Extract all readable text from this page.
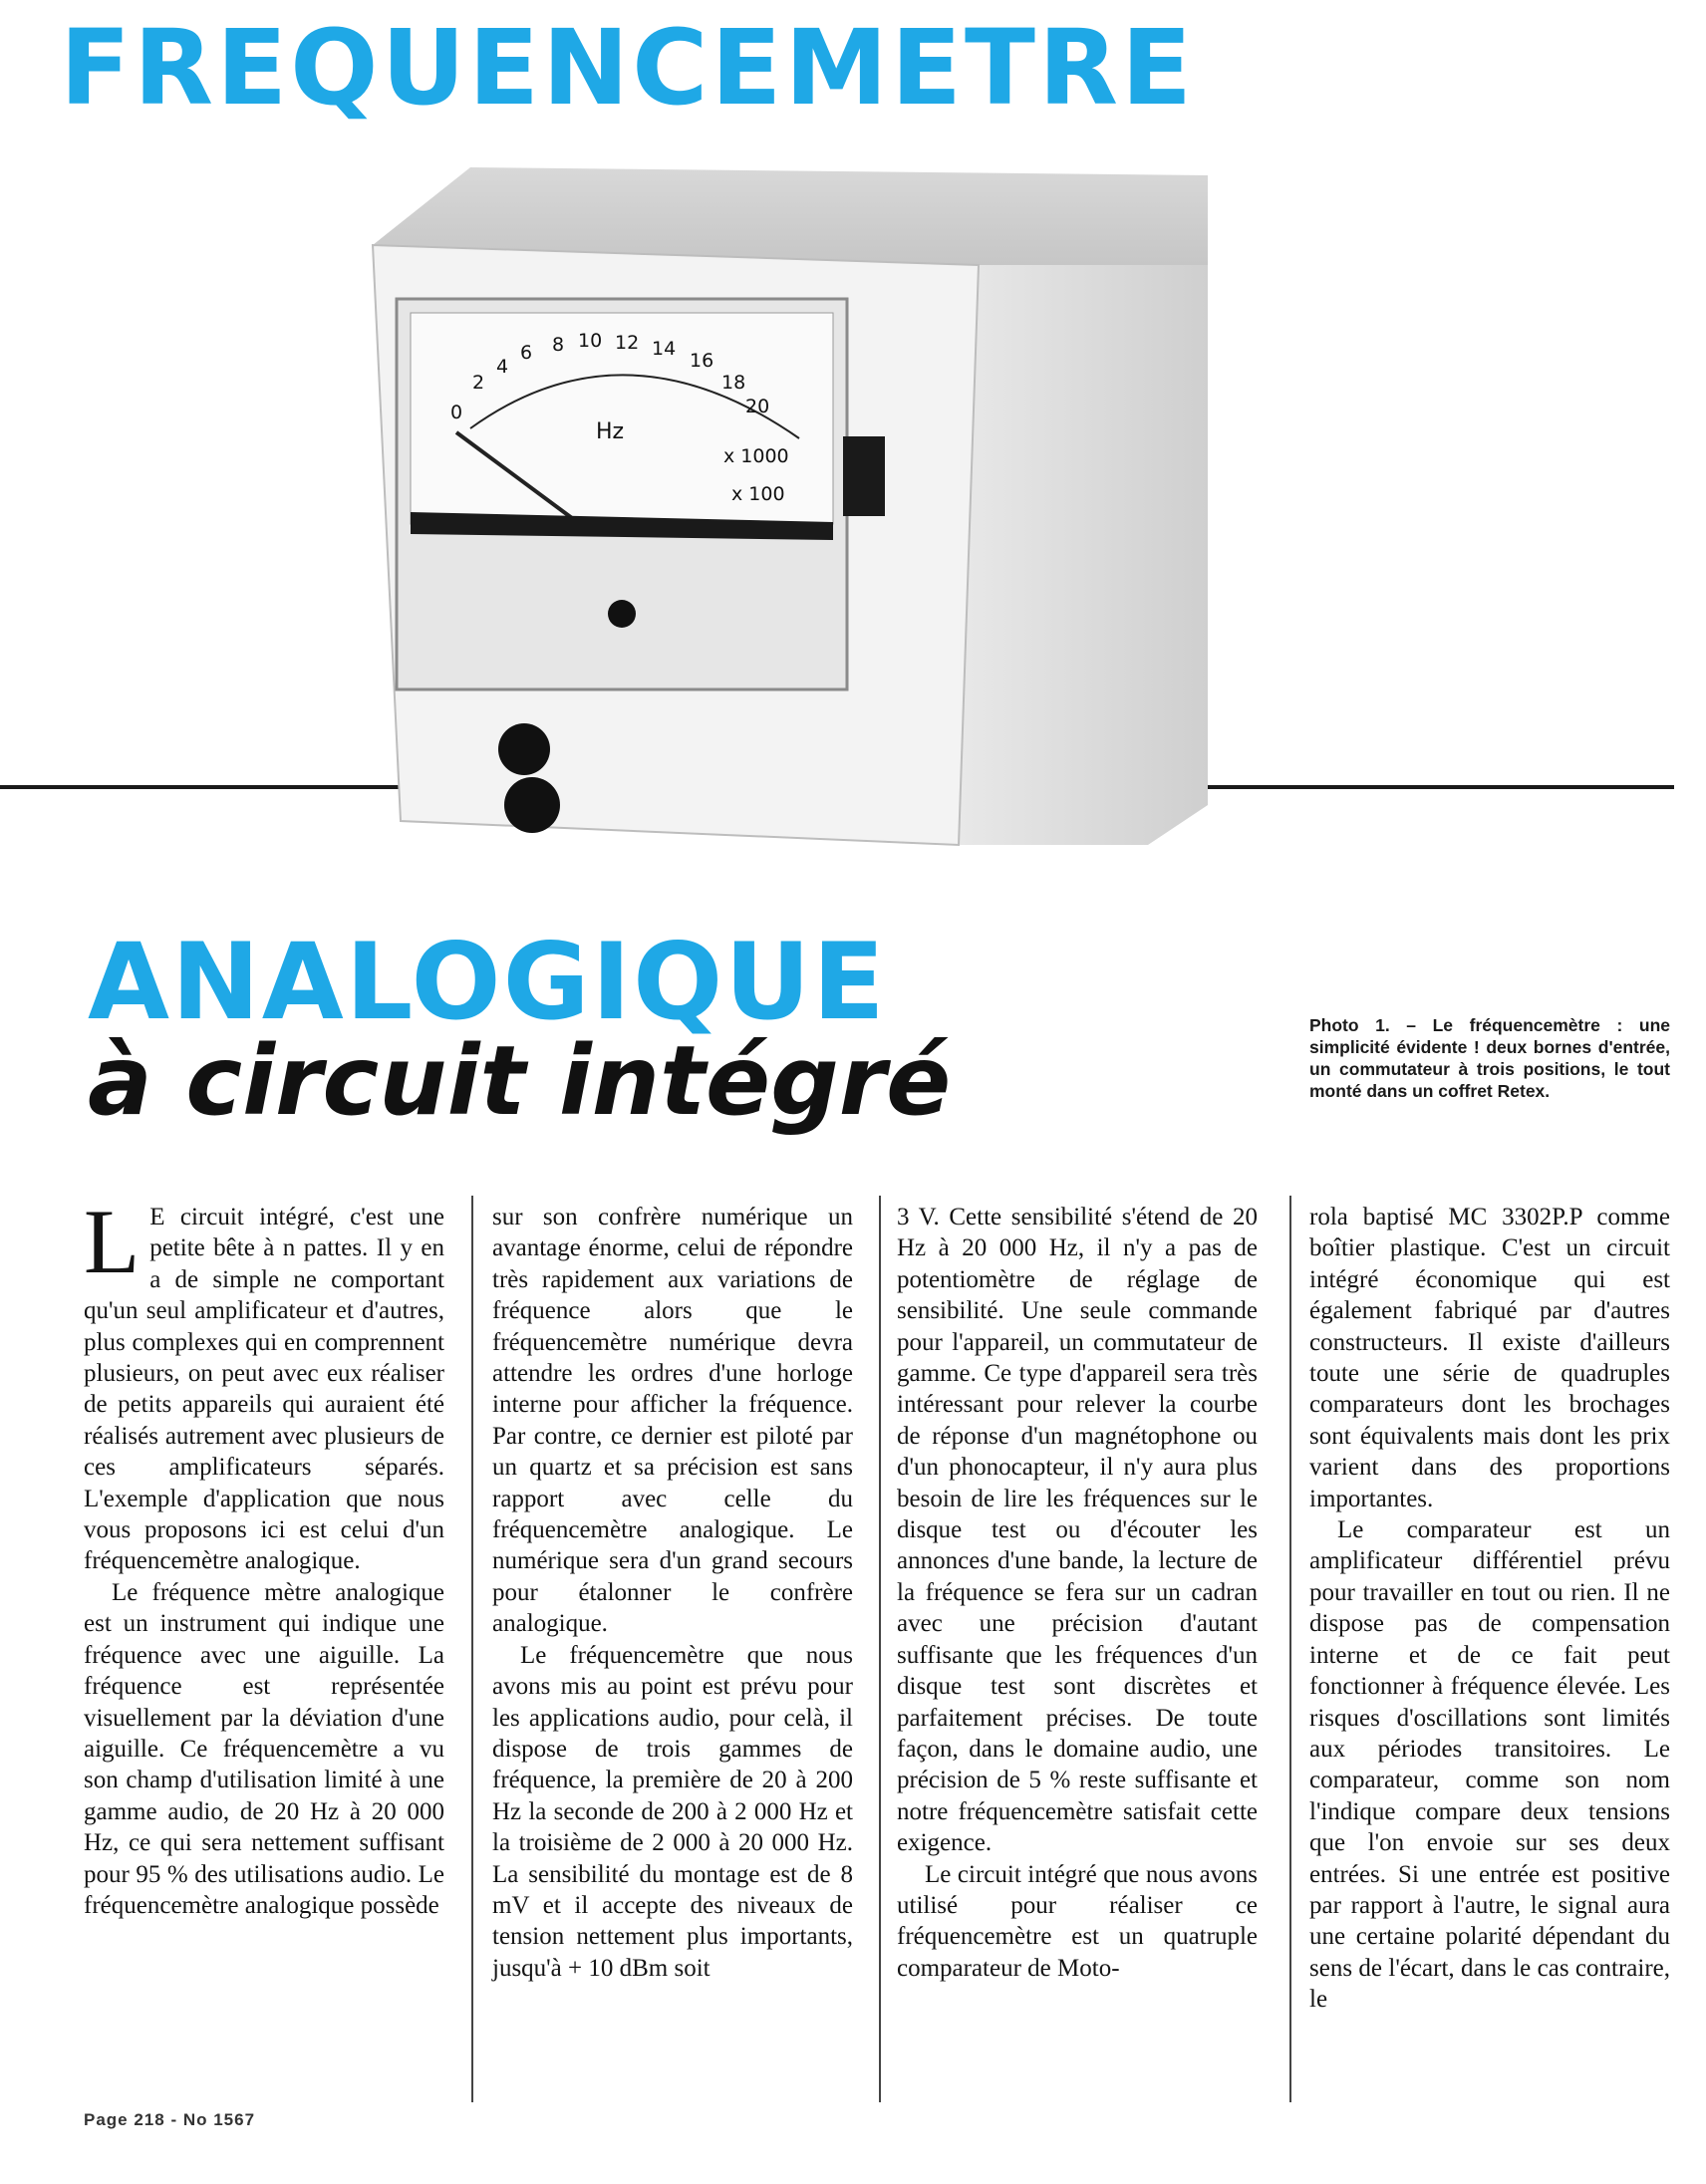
FREQUENCEMETRE
0
2
4
6 8 10 12 14
16
18
20
Hz
x 1000
x 100
ANALOGIQUE
à circuit intégré	Photo 1. – Le fréquencemètre : une simplicité évidente ! deux bornes d'entrée, un commutateur à trois positions, le tout monté dans un coffret Retex.

L E circuit intégré, c'est une petite bête à n pattes. Il y en a de simple ne comportant qu'un seul amplificateur et d'autres, plus complexes qui en comprennent plusieurs, on peut avec eux réaliser de petits appareils qui auraient été réalisés autrement avec plusieurs de ces amplificateurs séparés. L'exemple d'application que nous vous proposons ici est celui d'un fréquencemètre analogique.

Le fréquence mètre analogique est un instrument qui indique une fréquence avec une aiguille. La fréquence est représentée visuellement par la déviation d'une aiguille. Ce fréquencemètre a vu son champ d'utilisation limité à une gamme audio, de 20 Hz à 20 000 Hz, ce qui sera nettement suffisant pour 95 % des utilisations audio. Le fréquencemètre analogique possède

sur son confrère numérique un avantage énorme, celui de répondre très rapidement aux variations de fréquence alors que le fréquencemètre numérique devra attendre les ordres d'une horloge interne pour afficher la fréquence. Par contre, ce dernier est piloté par un quartz et sa précision est sans rapport avec celle du fréquencemètre analogique. Le numérique sera d'un grand secours pour étalonner le confrère analogique.

Le fréquencemètre que nous avons mis au point est prévu pour les applications audio, pour celà, il dispose de trois gammes de fréquence, la première de 20 à 200 Hz la seconde de 200 à 2 000 Hz et la troisième de 2 000 à 20 000 Hz. La sensibilité du montage est de 8 mV et il accepte des niveaux de tension nettement plus importants, jusqu'à + 10 dBm soit

3 V. Cette sensibilité s'étend de 20 Hz à 20 000 Hz, il n'y a pas de potentiomètre de réglage de sensibilité. Une seule commande pour l'appareil, un commutateur de gamme. Ce type d'appareil sera très intéressant pour relever la courbe de réponse d'un magnétophone ou d'un phonocapteur, il n'y aura plus besoin de lire les fréquences sur le disque test ou d'écouter les annonces d'une bande, la lecture de la fréquence se fera sur un cadran avec une précision d'autant suffisante que les fréquences d'un disque test sont discrètes et parfaitement précises. De toute façon, dans le domaine audio, une précision de 5 % reste suffisante et notre fréquencemètre satisfait cette exigence.

Le circuit intégré que nous avons utilisé pour réaliser ce fréquencemètre est un quatruple comparateur de Moto-

rola baptisé MC 3302P.P comme boîtier plastique. C'est un circuit intégré économique qui est également fabriqué par d'autres constructeurs. Il existe d'ailleurs toute une série de quadruples comparateurs dont les brochages sont équivalents mais dont les prix varient dans des proportions importantes.

Le comparateur est un amplificateur différentiel prévu pour travailler en tout ou rien. Il ne dispose pas de compensation interne et de ce fait peut fonctionner à fréquence élevée. Les risques d'oscillations sont limités aux périodes transitoires. Le comparateur, comme son nom l'indique compare deux tensions que l'on envoie sur ses deux entrées. Si une entrée est positive par rapport à l'autre, le signal aura une certaine polarité dépendant du sens de l'écart, dans le cas contraire, le

Page 218 - No 1567
